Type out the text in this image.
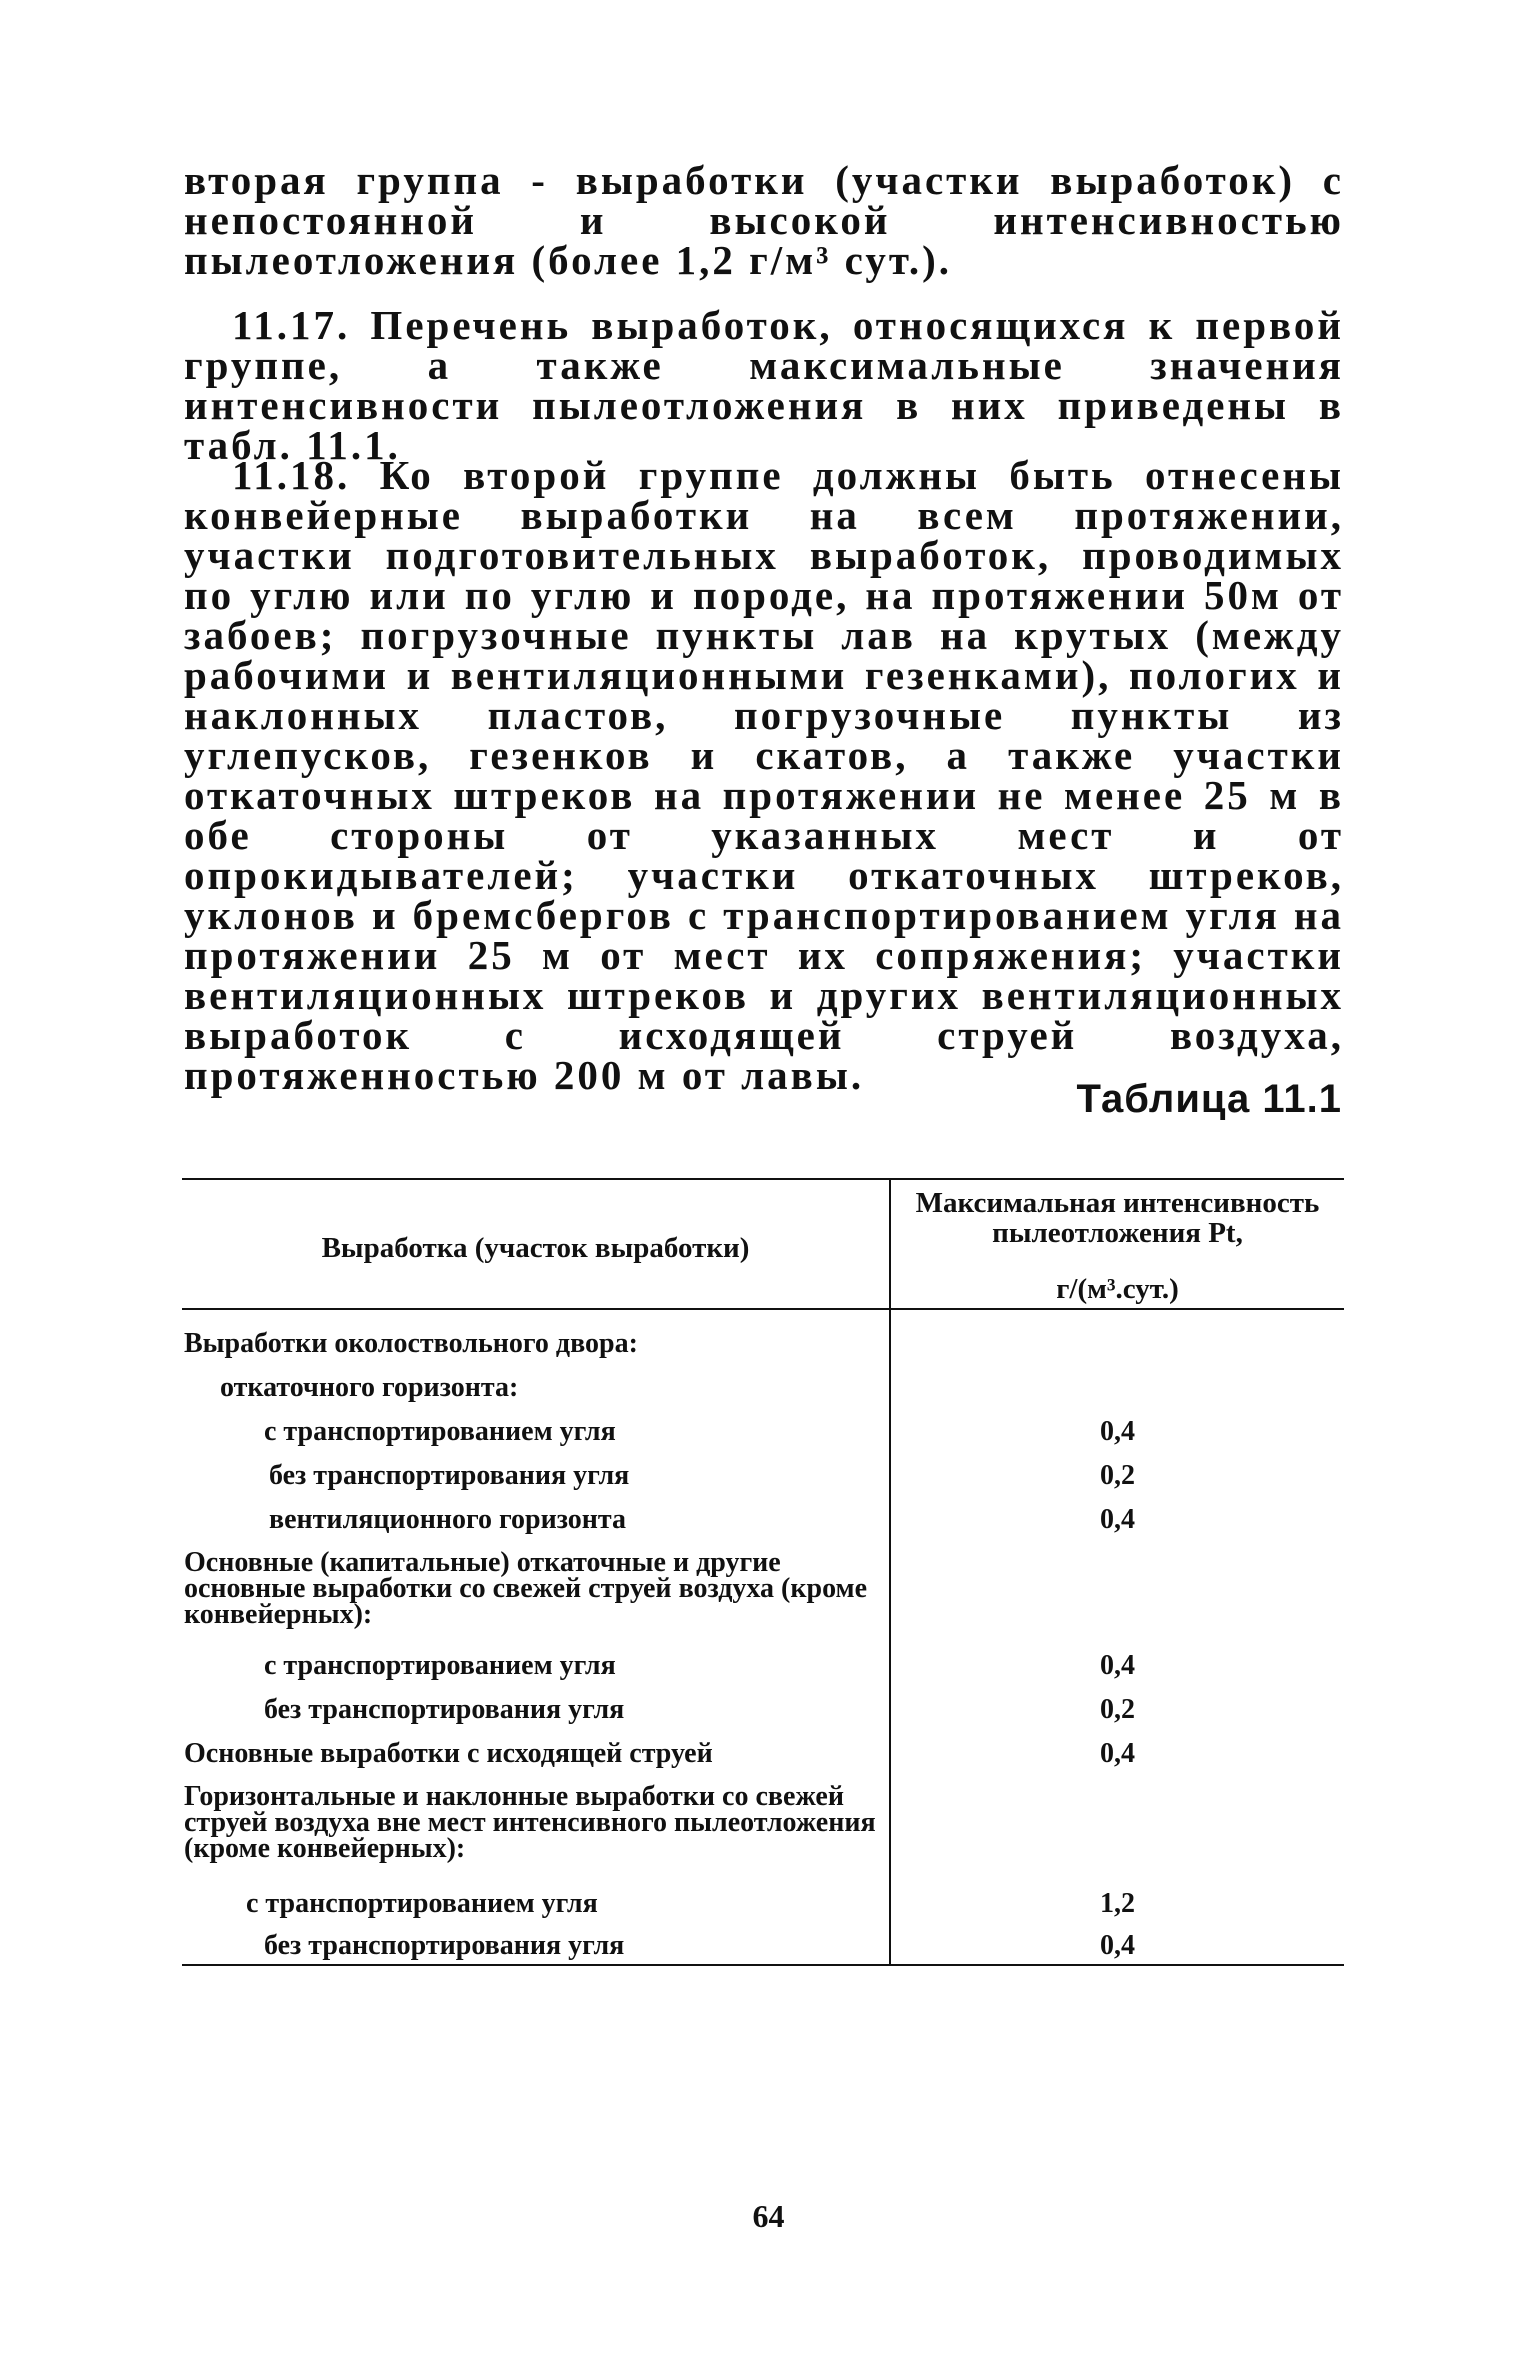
вторая группа - выработки (участки выработок) с непостоянной и высокой интенсивностью пылеотложения (более 1,2 г/м³ сут.).

11.17. Перечень выработок, относящихся к первой группе, а также максимальные значения интенсивности пылеотложения в них приведены в табл. 11.1.

11.18. Ко второй группе должны быть отнесены конвейерные выработки на всем протяжении, участки подготовительных выработок, проводимых по углю или по углю и породе, на протяжении 50м от забоев; погрузочные пункты лав на крутых (между рабочими и вентиляционными гезенками), пологих и наклонных пластов, погрузочные пункты из углепусков, гезенков и скатов, а также участки откаточных штреков на протяжении не менее 25 м в обе стороны от указанных мест и от опрокидывателей; участки откаточных штреков, уклонов и бремсбергов с транспортированием угля на протяжении 25 м от мест их сопряжения; участки вентиляционных штреков и других вентиляционных выработок с исходящей струей воздуха, протяженностью 200 м от лавы.

Таблица 11.1
Выработка (участок выработки)
Максимальная интенсивность пылеотложения Pt,
г/(м³.сут.)
Выработки околоствольного двора:
откаточного горизонта:
с транспортированием угля	0,4
без транспортирования угля	0,2
вентиляционного горизонта	0,4
Основные (капитальные) откаточные и другие основные выработки со свежей струей воздуха (кроме конвейерных):
с транспортированием угля	0,4
без транспортирования угля	0,2
Основные выработки с исходящей струей	0,4
Горизонтальные и наклонные выработки со свежей струей воздуха вне мест интенсивного пылеотложения (кроме конвейерных):
с транспортированием угля	1,2
без транспортирования угля	0,4
64
